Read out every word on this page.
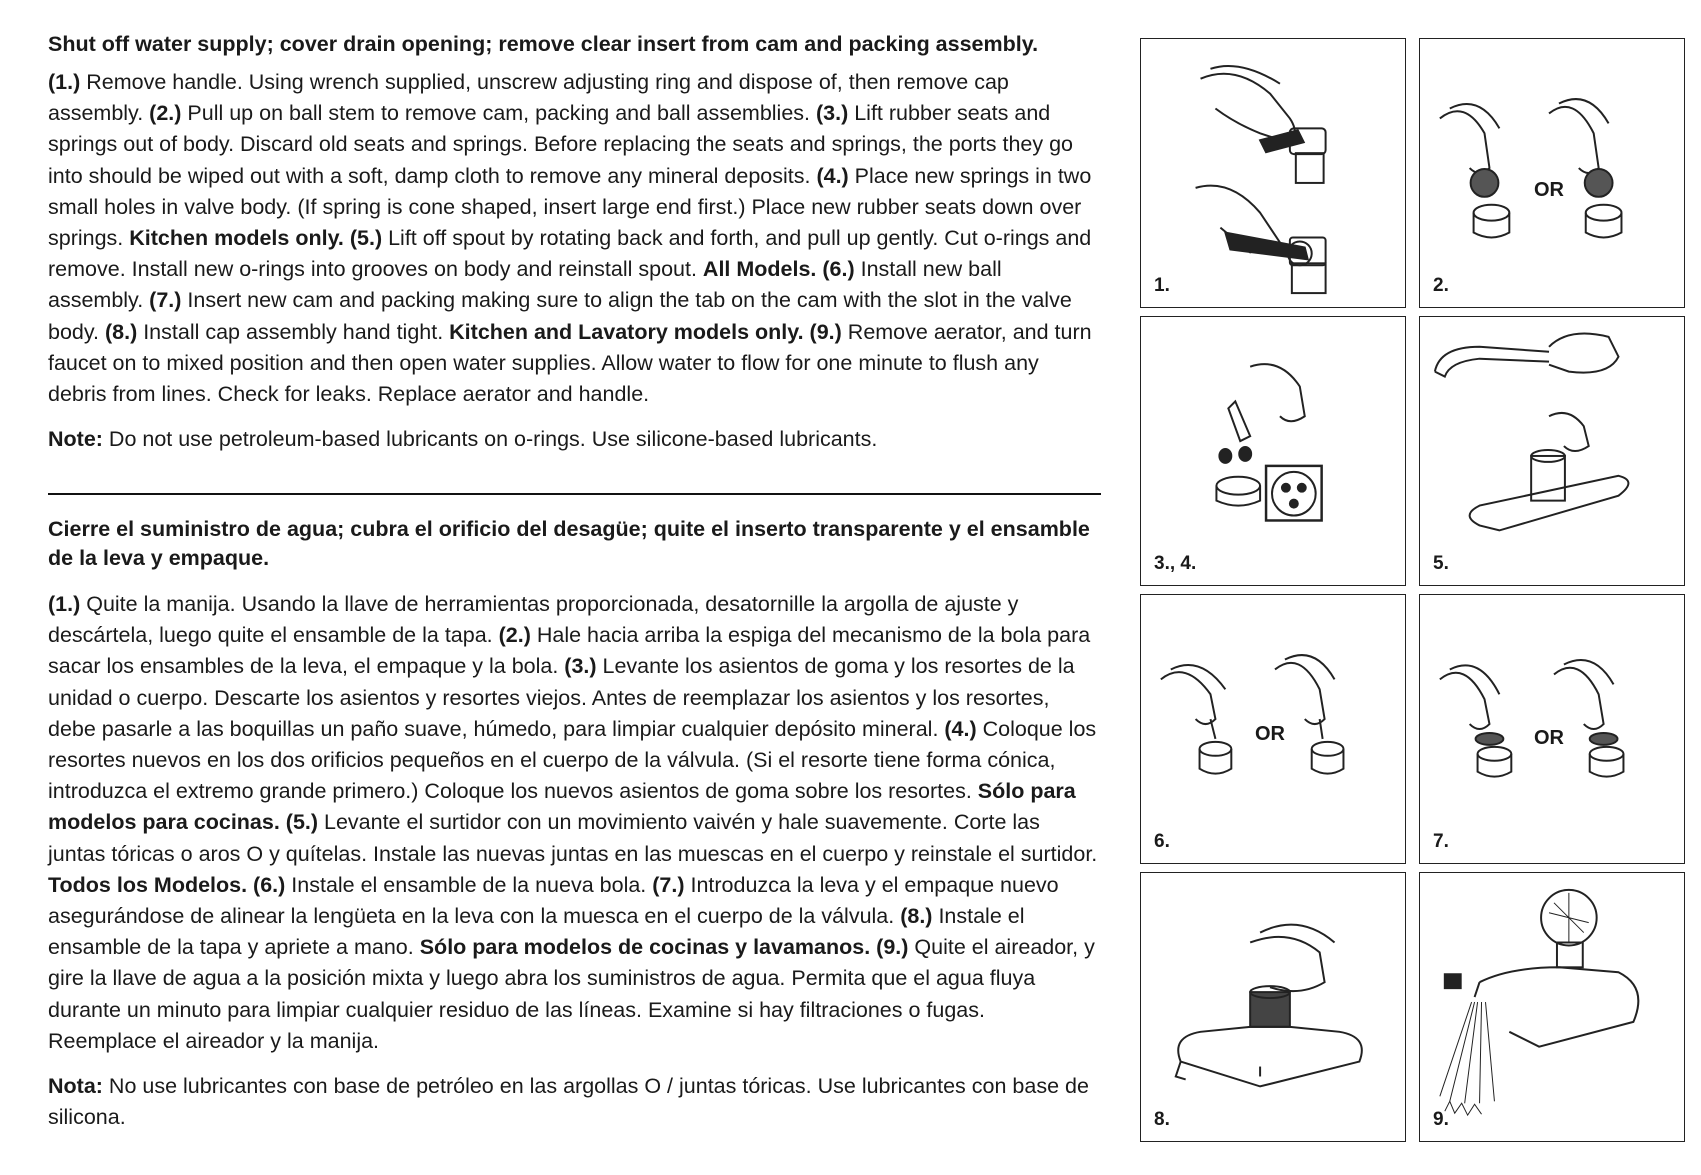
Shut off water supply; cover drain opening; remove clear insert from cam and packing assembly.

(1.) Remove handle. Using wrench supplied, unscrew adjusting ring and dispose of, then remove cap assembly. (2.) Pull up on ball stem to remove cam, packing and ball assemblies. (3.) Lift rubber seats and springs out of body. Discard old seats and springs. Before replacing the seats and springs, the ports they go into should be wiped out with a soft, damp cloth to remove any mineral deposits. (4.) Place new springs in two small holes in valve body. (If spring is cone shaped, insert large end first.) Place new rubber seats down over springs. Kitchen models only. (5.) Lift off spout by rotating back and forth, and pull up gently. Cut o-rings and remove. Install new o-rings into grooves on body and reinstall spout. All Models. (6.) Install new ball assembly. (7.) Insert new cam and packing making sure to align the tab on the cam with the slot in the valve body. (8.) Install cap assembly hand tight. Kitchen and Lavatory models only. (9.) Remove aerator, and turn faucet on to mixed position and then open water supplies. Allow water to flow for one minute to flush any debris from lines. Check for leaks. Replace aerator and handle.

Note: Do not use petroleum-based lubricants on o-rings. Use silicone-based lubricants.

Cierre el suministro de agua; cubra el orificio del desagüe; quite el inserto transparente y el ensamble de la leva y empaque.

(1.) Quite la manija. Usando la llave de herramientas proporcionada, desatornille la argolla de ajuste y descártela, luego quite el ensamble de la tapa. (2.) Hale hacia arriba la espiga del mecanismo de la bola para sacar los ensambles de la leva, el empaque y la bola. (3.) Levante los asientos de goma y los resortes de la unidad o cuerpo. Descarte los asientos y resortes viejos. Antes de reemplazar los asientos y los resortes, debe pasarle a las boquillas un paño suave, húmedo, para limpiar cualquier depósito mineral. (4.) Coloque los resortes nuevos en los dos orificios pequeños en el cuerpo de la válvula. (Si el resorte tiene forma cónica, introduzca el extremo grande primero.) Coloque los nuevos asientos de goma sobre los resortes. Sólo para modelos para cocinas. (5.) Levante el surtidor con un movimiento vaivén y hale suavemente. Corte las juntas tóricas o aros O y quítelas. Instale las nuevas juntas en las muescas en el cuerpo y reinstale el surtidor. Todos los Modelos. (6.) Instale el ensamble de la nueva bola. (7.) Introduzca la leva y el empaque nuevo asegurándose de alinear la lengüeta en la leva con la muesca en el cuerpo de la válvula. (8.) Instale el ensamble de la tapa y apriete a mano. Sólo para modelos de cocinas y lavamanos. (9.) Quite el aireador, y gire la llave de agua a la posición mixta y luego abra los suministros de agua. Permita que el agua fluya durante un minuto para limpiar cualquier residuo de las líneas. Examine si hay filtraciones o fugas. Reemplace el aireador y la manija.

Nota: No use lubricantes con base de petróleo en las argollas O / juntas tóricas. Use lubricantes con base de silicona.

1.
OR
2.
3., 4.	5.
OR
6.
OR
7.
8.	9.
